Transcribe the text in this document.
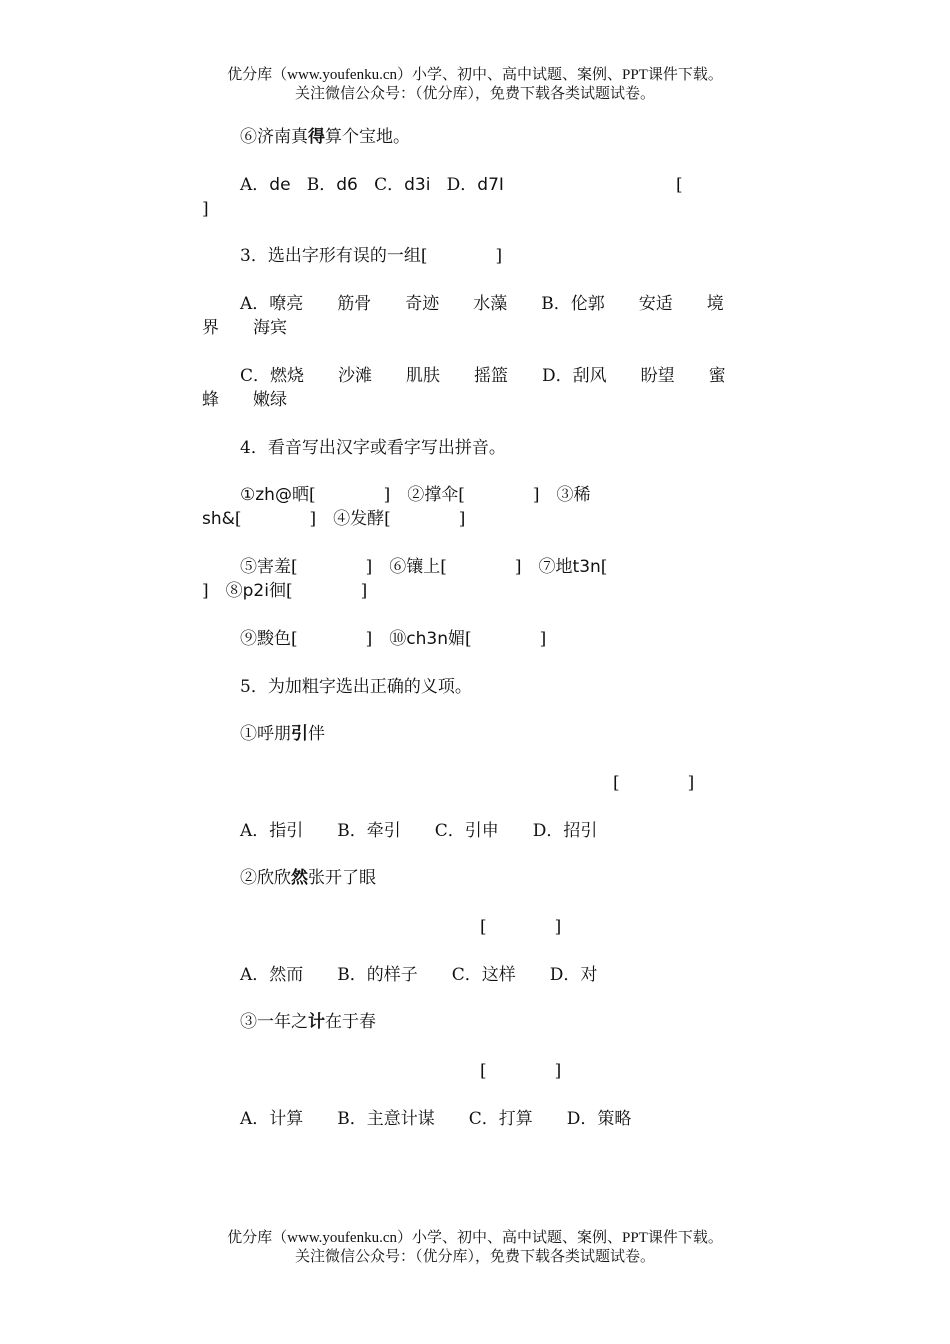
优分库（www.youfenku.cn）小学、初中、高中试题、案例、PPT课件下载。
关注微信公众号：（优分库），免费下载各类试题试卷。
⑥济南真得算个宝地。
A．de B．d6 C．d3i D．d7I	[
]
3．选出字形有误的一组[　　　　]
A．嘹亮　　筋骨　　奇迹　　水藻　　B．伦郭　　安适　　境
界　　海宾
C．燃烧　　沙滩　　肌肤　　摇篮　　D．刮风　　盼望　　蜜
蜂　　嫩绿
4．看音写出汉字或看字写出拼音。
①zh@晒[　　　　]　②撑伞[　　　　]　③稀
sh&[　　　　]　④发酵[　　　　]
⑤害羞[　　　　]　⑥镶上[　　　　]　⑦地t3n[
]　⑧p2i徊[　　　　]
⑨黢色[　　　　]　⑩ch3n媚[　　　　]
5．为加粗字选出正确的义项。
①呼朋引伴
[　　　　]
A．指引　　B．牵引　　C．引申　　D．招引
②欣欣然张开了眼
[　　　　]
A．然而　　B．的样子　　C．这样　　D．对
③一年之计在于春
[　　　　]
A．计算　　B．主意计谋　　C．打算　　D．策略
优分库（www.youfenku.cn）小学、初中、高中试题、案例、PPT课件下载。
关注微信公众号：（优分库），免费下载各类试题试卷。
